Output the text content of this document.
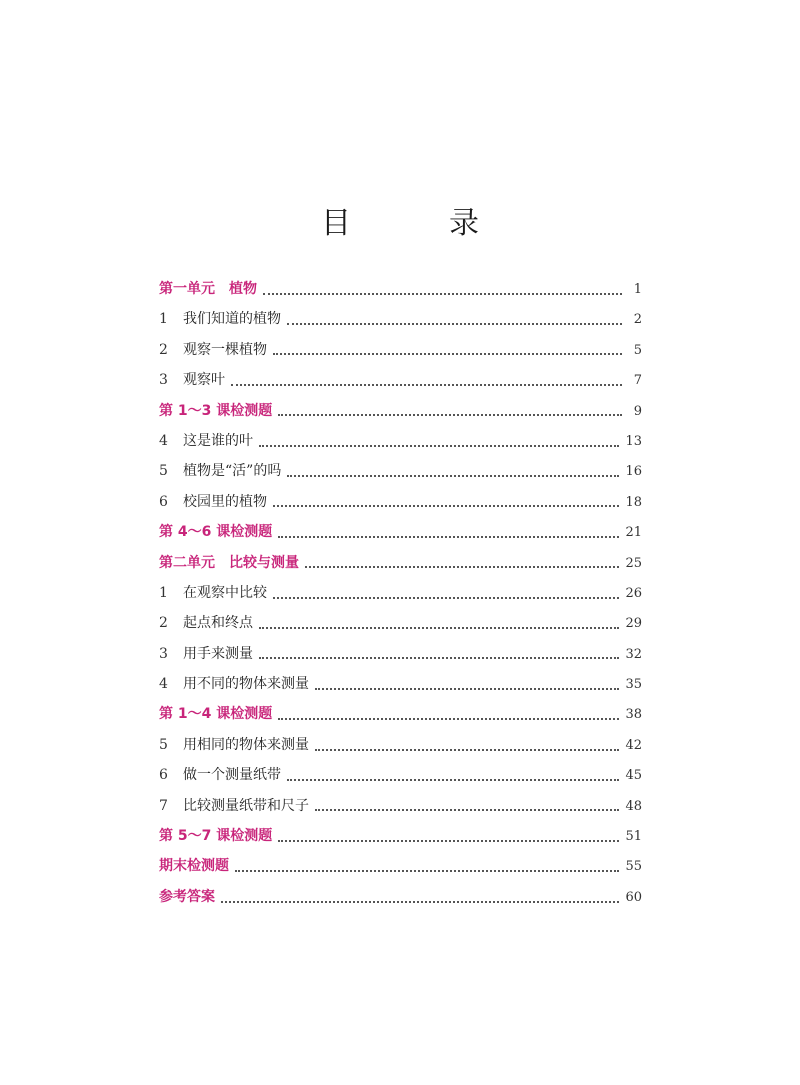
目　录
第一单元　植物	1
1 我们知道的植物	2
2 观察一棵植物	5
3 观察叶	7
第 1～3 课检测题	9
4 这是谁的叶	13
5 植物是“活”的吗	16
6 校园里的植物	18
第 4～6 课检测题	21
第二单元　比较与测量	25
1 在观察中比较	26
2 起点和终点	29
3 用手来测量	32
4 用不同的物体来测量	35
第 1～4 课检测题	38
5 用相同的物体来测量	42
6 做一个测量纸带	45
7 比较测量纸带和尺子	48
第 5～7 课检测题	51
期末检测题	55
参考答案	60
